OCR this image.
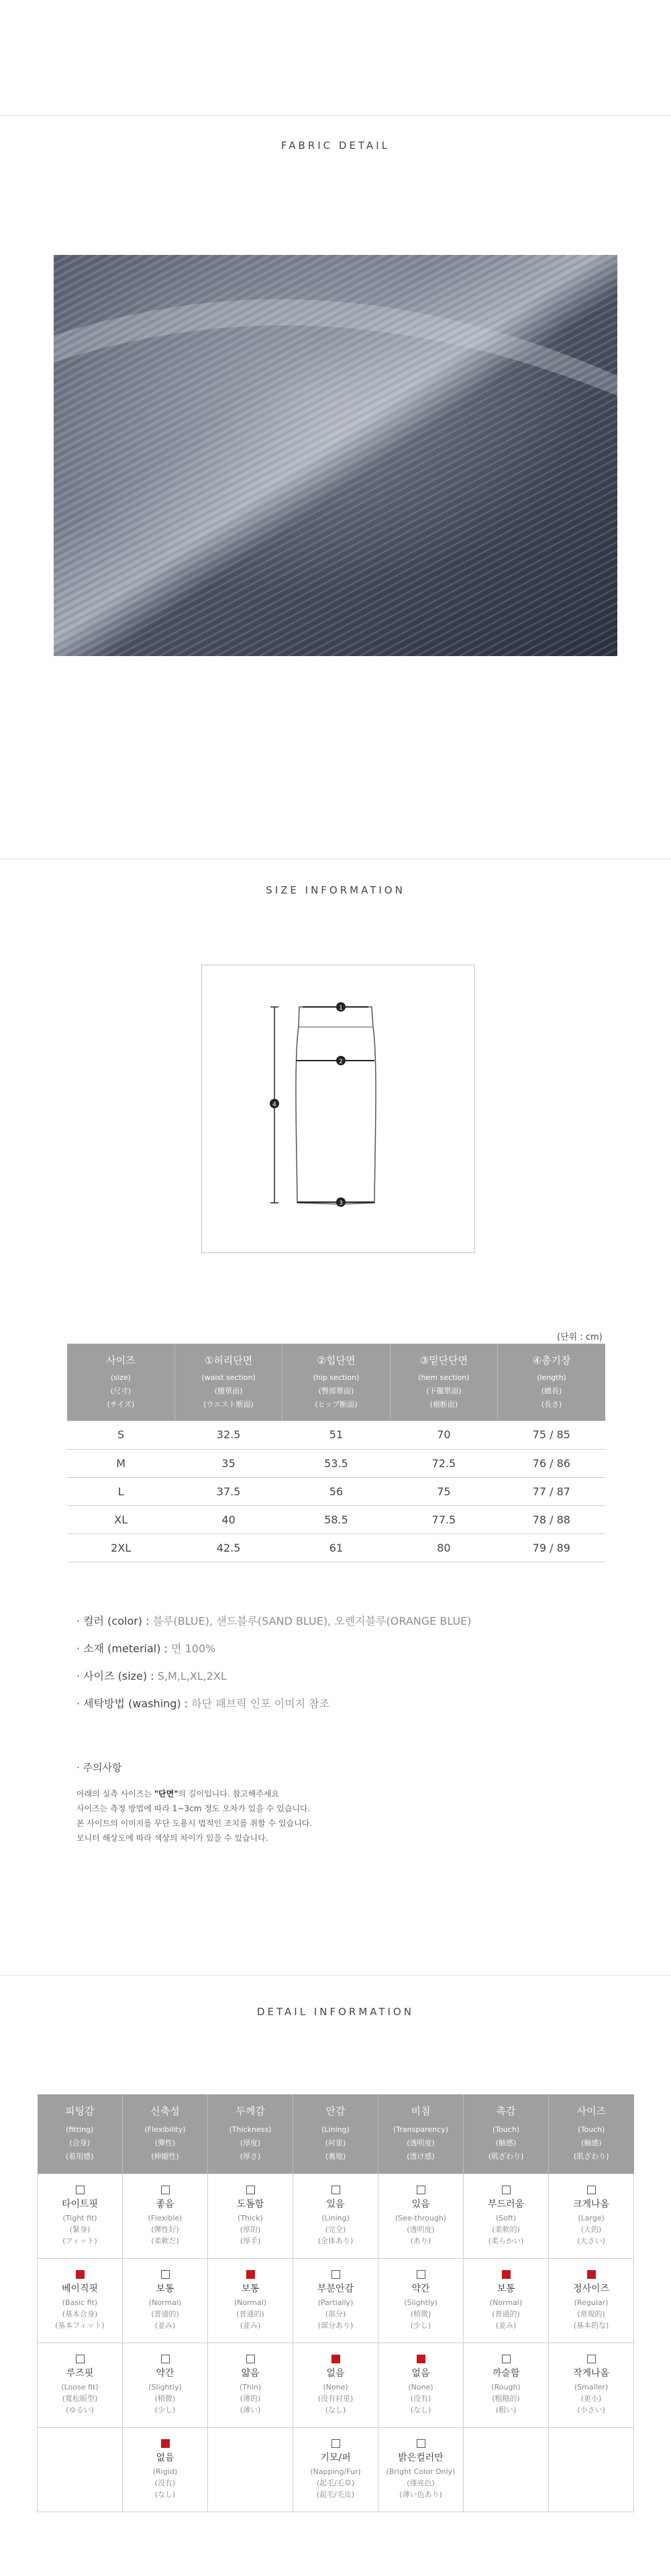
FABRIC DETAIL
SIZE INFORMATION
1
2
3
4
(단위 : cm)
사이즈
(size)
(尺寸)
(サイズ)	①허리단면
(waist section)
(腰單面)
(ウエスト断面)	②힙단면
(hip section)
(臀部單面)
(ヒップ断面)	③밑단단면
(hem section)
(下擺單面)
(裾断面)	④총기장
(length)
(總長)
(長さ)

S	32.5	51	70	75 / 85
M	35	53.5	72.5	76 / 86
L	37.5	56	75	77 / 87
XL	40	58.5	77.5	78 / 88
2XL	42.5	61	80	79 / 89
· 컬러 (color) : 블루(BLUE), 샌드블루(SAND BLUE), 오렌지블루(ORANGE BLUE)
· 소재 (meterial) : 면 100%
· 사이즈 (size) : S,M,L,XL,2XL
· 세탁방법 (washing) : 하단 패브릭 인포 이미지 참조
· 주의사항

아래의 실측 사이즈는 "단면"의 길이입니다. 참고해주세요

사이즈는 측정 방법에 따라 1~3cm 정도 오차가 있을 수 있습니다.

본 사이트의 이미지를 무단 도용시 법적인 조치를 취할 수 있습니다.

모니터 해상도에 따라 색상의 차이가 있을 수 있습니다.

DETAIL INFORMATION
피팅감
(fitting)
(合身)
(着用感)	신축성
(Flexibility)
(彈性)
(伸縮性)	두께감
(Thickness)
(厚度)
(厚さ)	안감
(Lining)
(衬里)
(裏地)	비침
(Transparency)
(透明度)
(透け感)	촉감
(Touch)
(触感)
(肌ざわり)	사이즈
(Touch)
(触感)
(肌ざわり)

타이트핏
(Tight fit)
(緊身)
(フィット)	좋음
(Flexible)
(彈性好)
(柔軟だ)	도톰함
(Thick)
(厚的)
(厚手)	있음
(Lining)
(完全)
(全体あり)	있음
(See-through)
(透明度)
(あり)	부드러움
(Soft)
(柔軟的)
(柔らかい)	크게나옴
(Large)
(大的)
(大さい)

베이직핏
(Basic fit)
(基本合身)
(基本フィット)	보통
(Normal)
(普通的)
(並み)	보통
(Normal)
(普通的)
(並み)	부분안감
(Partially)
(部分)
(部分あり)	약간
(Slightly)
(稍微)
(少し)	보통
(Normal)
(普通的)
(並み)	정사이즈
(Regular)
(常規的)
(基本的な)

루즈핏
(Loose fit)
(寬松版型)
(ゆるい)	약간
(Slightly)
(稍微)
(少し)	얇음
(Thin)
(薄的)
(薄い)	없음
(None)
(没有衬里)
(なし)	없음
(None)
(没有)
(なし)	까슬함
(Rough)
(粗糙的)
(粗い)	작게나옴
(Smaller)
(更小)
(小さい)

	없음
(Rigid)
(没有)
(なし)		기모/퍼
(Napping/Fur)
(起毛/毛草)
(起毛/毛皮)	밝은컬러만
(Bright Color Only)
(僅亮色)
(薄い色あり)		
